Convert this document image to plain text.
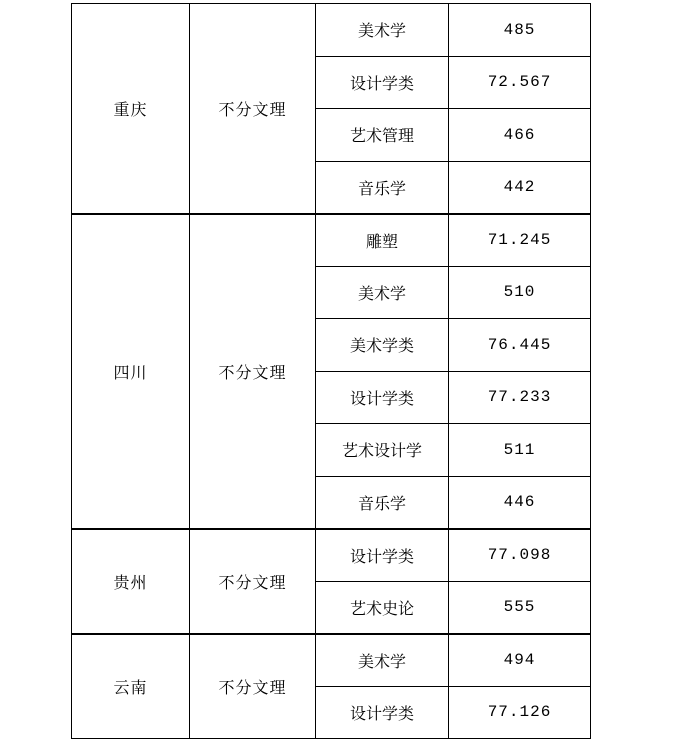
重庆	不分文理	美术学	485
		设计学类	72.567
		艺术管理	466
		音乐学	442
四川	不分文理	雕塑	71.245
		美术学	510
		美术学类	76.445
		设计学类	77.233
		艺术设计学	511
		音乐学	446
贵州	不分文理	设计学类	77.098
		艺术史论	555
云南	不分文理	美术学	494
		设计学类	77.126
